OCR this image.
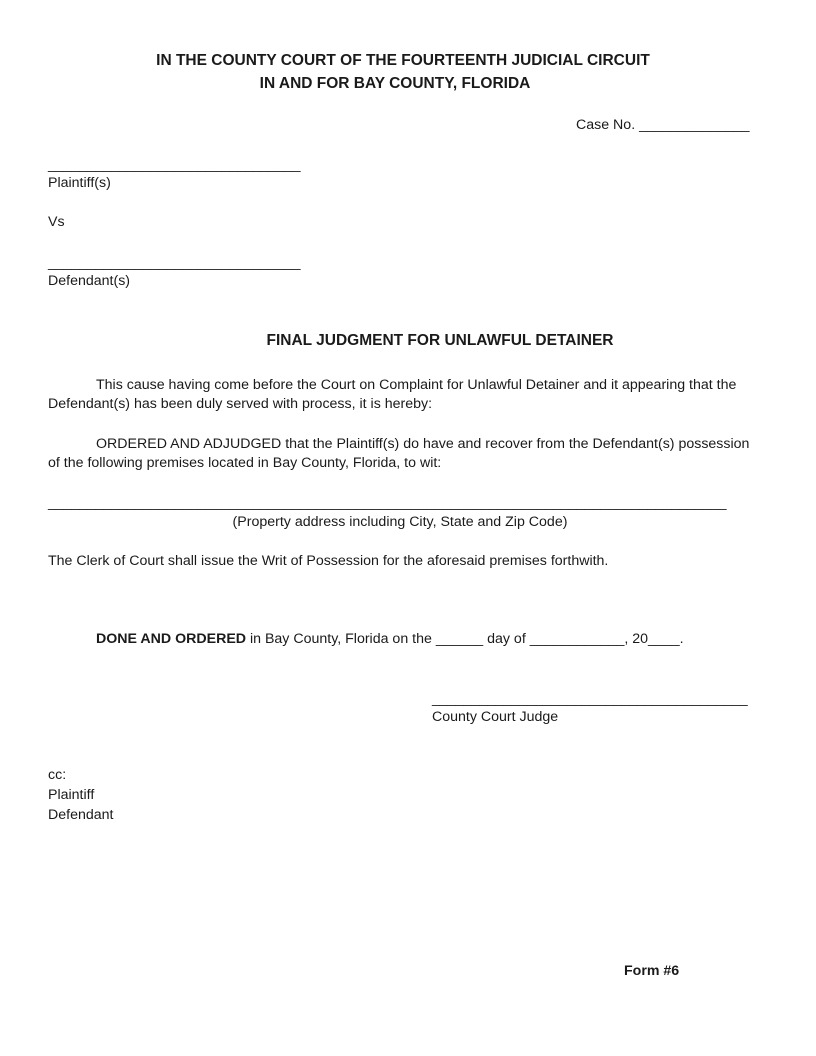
IN THE COUNTY COURT OF THE FOURTEENTH JUDICIAL CIRCUIT
IN AND FOR BAY COUNTY, FLORIDA
Case No. ______________
________________________________
Plaintiff(s)
Vs
________________________________
Defendant(s)
FINAL JUDGMENT FOR UNLAWFUL DETAINER
This cause having come before the Court on Complaint for Unlawful Detainer and it appearing that the
Defendant(s) has been duly served with process, it is hereby:
ORDERED AND ADJUDGED that the Plaintiff(s) do have and recover from the Defendant(s) possession
of the following premises located in Bay County, Florida, to wit:
______________________________________________________________________________________
(Property address including City, State and Zip Code)
The Clerk of Court shall issue the Writ of Possession for the aforesaid premises forthwith.
DONE AND ORDERED in Bay County, Florida on the ______ day of ____________, 20____.
________________________________________
County Court Judge
cc:
Plaintiff
Defendant
Form #6
